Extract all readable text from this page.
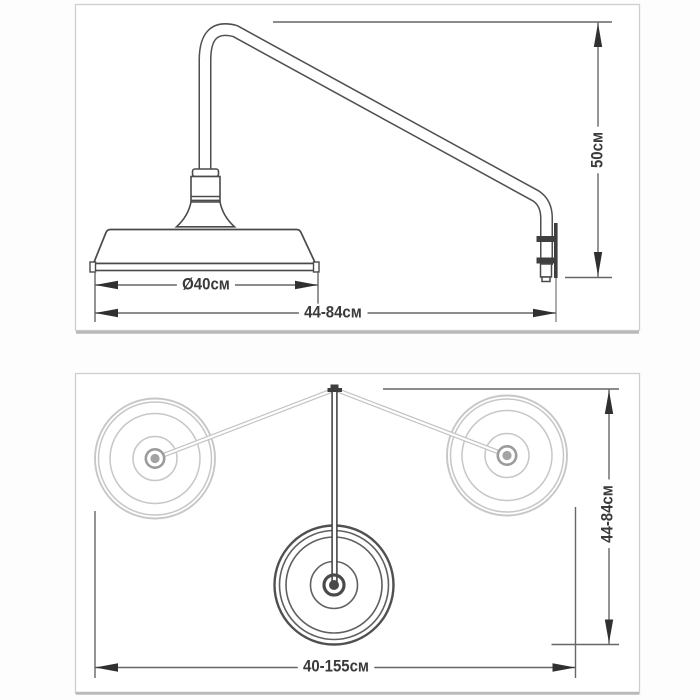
Ø40см
44-84см
50см
40-155см
44-84см
